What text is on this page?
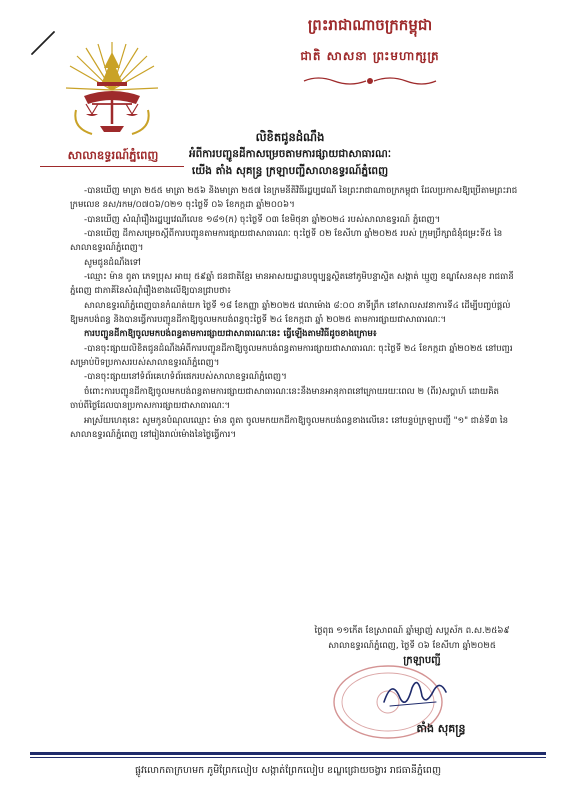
សាលាឧទ្ធរណ៍ភ្នំពេញ
ព្រះរាជាណាចក្រកម្ពុជា
ជាតិ សាសនា ព្រះមហាក្សត្រ
លិខិតជូនដំណឹង
អំពីការបញ្ជូនដីកាសម្រេចតាមការផ្សាយជាសាធារណៈ
យើង តាំង សុគន្ធ្រ ក្រឡាបញ្ជីសាលាឧទ្ធរណ៍ភ្នំពេញ

-បានឃើញ មាត្រា ២៥៥ មាត្រា ២៥៦ និងមាត្រា ២៥៧ នៃក្រមនីតិវិធីរដ្ឋប្បវេណី នៃព្រះរាជាណាចក្រកម្ពុជា ដែលប្រកាសឱ្យប្រើតាមព្រះរាជក្រមលេខ នស/រកម/០៧០៦/០២១ ចុះថ្ងៃទី ០៦ ខែកក្កដា ឆ្នាំ២០០៦។

-បានឃើញ សំណុំរឿងរដ្ឋប្បវេណីលេខ ១៨១(ក) ចុះថ្ងៃទី ០៣ ខែមិថុនា ឆ្នាំ២០២៤ របស់សាលាឧទ្ធរណ៍ ភ្នំពេញ។

-បានឃើញ ដីកាសម្រេចស្តីពីការបញ្ជូនតាមការផ្សាយជាសាធារណៈ ចុះថ្ងៃទី ០២ ខែសីហា ឆ្នាំ២០២៥ របស់ ក្រុមប្រឹក្សាជំនុំជម្រះទី៥ នៃសាលាឧទ្ធរណ៍ភ្នំពេញ។

សូមជូនដំណឹងទៅ

-ឈ្មោះ ម៉ាន ពូតា ភេទប្រុស អាយុ ៥៩ឆ្នាំ ជនជាតិខ្មែរ មានអាសយដ្ឋានបច្ចុប្បន្នស្ថិតនៅភូមិបន្ទាស្ទិត សង្កាត់ ឃ្មួញ ខណ្ឌសែនសុខ រាជធានីភ្នំពេញ ជាភាគីនៃសំណុំរឿងខាងលើឱ្យបានជ្រាបថា៖

សាលាឧទ្ធរណ៍ភ្នំពេញបានកំណត់យក ថ្ងៃទី ១៨ ខែកញ្ញា ឆ្នាំ២០២៥ វេលាម៉ោង ៨:០០ នាទីព្រឹក នៅសាលសវនាការទី៤ ដើម្បីបញ្ចប់ផ្តល់ឱ្យមកបង់ពន្ធ និងបានធ្វើការបញ្ជូនដីកាឱ្យចូលមកបង់ពន្ធចុះថ្ងៃទី ២៤ ខែកក្កដា ឆ្នាំ ២០២៥ តាមការផ្សាយជាសាធារណៈ។

ការបញ្ជូនដីកាឱ្យចូលមកបង់ពន្ធតាមការផ្សាយជាសាធារណៈនេះ ធ្វើឡើងតាមវិធីដូចខាងក្រោម៖

-បានចុះផ្សាយលិខិតជូនដំណឹងអំពីការបញ្ជូនដីកាឱ្យចូលមកបង់ពន្ធតាមការផ្សាយជាសាធារណៈ ចុះថ្ងៃទី ២៤ ខែកក្កដា ឆ្នាំ២០២៥ នៅបញ្ជរសម្រាប់បិទប្រកាសរបស់សាលាឧទ្ធរណ៍ភ្នំពេញ។

-បានចុះផ្សាយនៅទំព័រគេហទំព័រផេករបស់សាលាឧទ្ធរណ៍ភ្នំពេញ។

ចំពោះការបញ្ជូនដីកាឱ្យចូលមកបង់ពន្ធតាមការផ្សាយជាសាធារណៈនេះនឹងមានអានុភាពនៅក្រោយរយៈពេល ២ (ពីរ)សប្តាហ៍ ដោយគិតចាប់ពីថ្ងៃដែលបានប្រកាសការផ្សាយជាសាធារណៈ។

អាស្រ័យហេតុនេះ សូមកូនបំណុលឈ្មោះ ម៉ាន ពូតា ចូលមកយកដីកាឱ្យចូលមកបង់ពន្ធខាងលើនេះ នៅបន្ទប់ក្រឡាបញ្ជី "១" ជាន់ទី៣ នៃសាលាឧទ្ធរណ៍ភ្នំពេញ នៅរៀងរាល់ម៉ោងនៃថ្ងៃធ្វើការ។

ថ្ងៃពុធ ១១កើត ខែស្រាពណ៍ ឆ្នាំម្សាញ់ សប្តស័ក ព.ស.២៥៦៩
សាលាឧទ្ធរណ៍ភ្នំពេញ, ថ្ងៃទី ០៦ ខែសីហា ឆ្នាំ២០២៥
ក្រឡាបញ្ជី
តាំង សុគន្ធ្រ
ផ្លូវលោកតាក្រហមក ភូមិព្រែកលៀប សង្កាត់ព្រែកលៀប ខណ្ឌជ្រោយចង្វារ រាជធានីភ្នំពេញ
